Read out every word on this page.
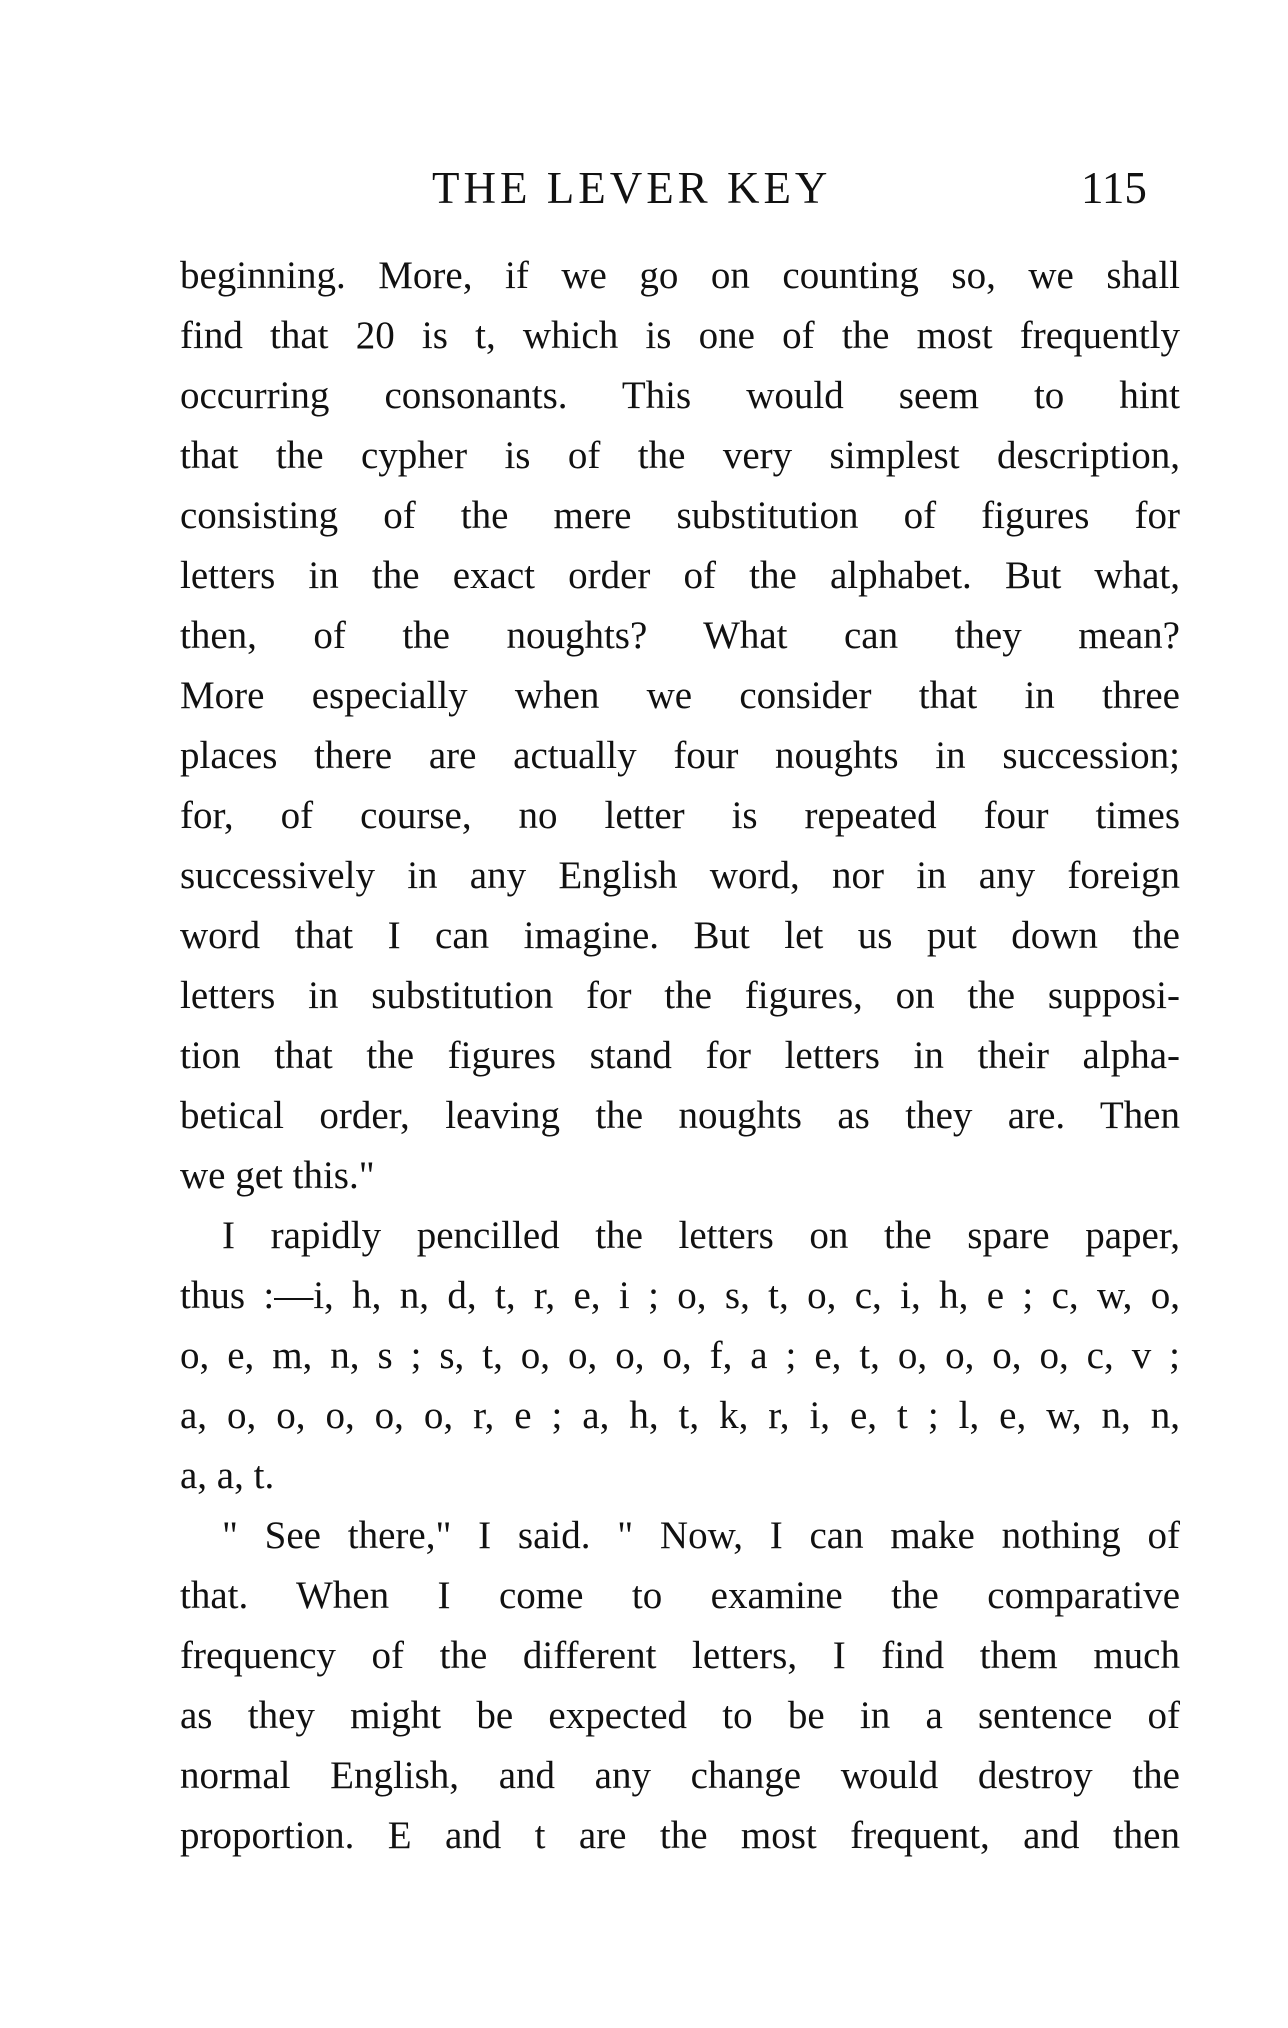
THE LEVER KEY	115
beginning. More, if we go on counting so, we shall
find that 20 is t, which is one of the most frequently
occurring consonants. This would seem to hint
that the cypher is of the very simplest description,
consisting of the mere substitution of figures for
letters in the exact order of the alphabet. But what,
then, of the noughts? What can they mean?
More especially when we consider that in three
places there are actually four noughts in succession;
for, of course, no letter is repeated four times
successively in any English word, nor in any foreign
word that I can imagine. But let us put down the
letters in substitution for the figures, on the supposi-
tion that the figures stand for letters in their alpha-
betical order, leaving the noughts as they are. Then
we get this."
I rapidly pencilled the letters on the spare paper,
thus :—i, h, n, d, t, r, e, i ; o, s, t, o, c, i, h, e ; c, w, o,
o, e, m, n, s ; s, t, o, o, o, o, f, a ; e, t, o, o, o, o, c, v ;
a, o, o, o, o, o, r, e ; a, h, t, k, r, i, e, t ; l, e, w, n, n,
a, a, t.
" See there," I said. " Now, I can make nothing of
that. When I come to examine the comparative
frequency of the different letters, I find them much
as they might be expected to be in a sentence of
normal English, and any change would destroy the
proportion. E and t are the most frequent, and then
